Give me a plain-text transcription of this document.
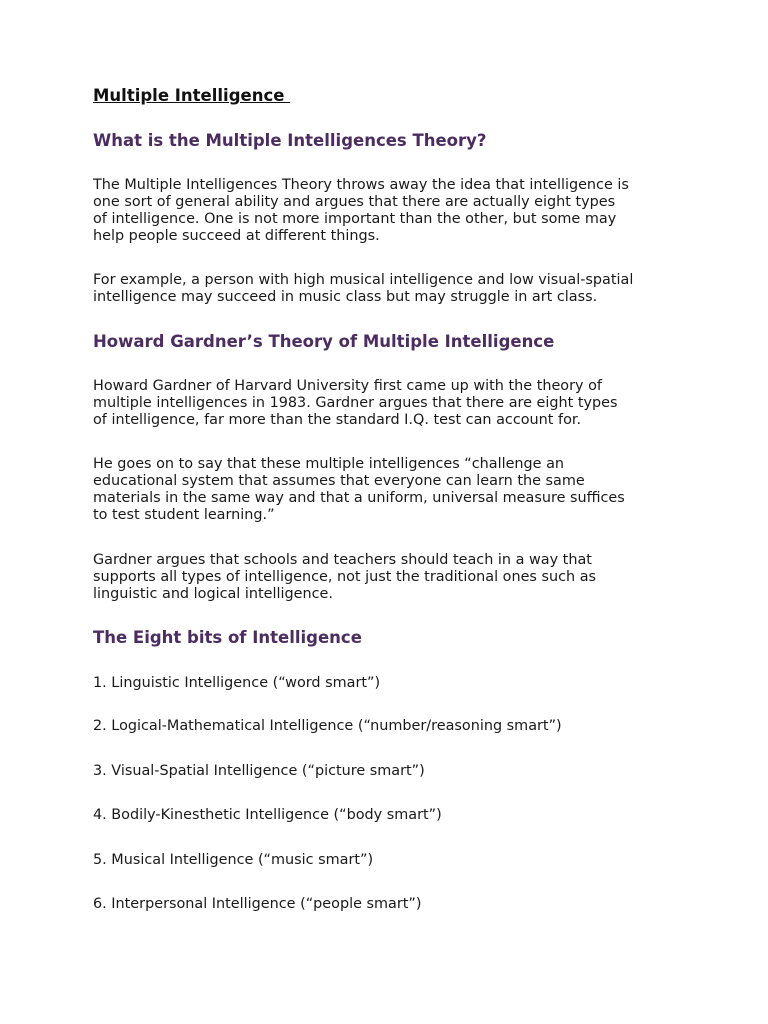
Multiple Intelligence
What is the Multiple Intelligences Theory?

The Multiple Intelligences Theory throws away the idea that intelligence is
one sort of general ability and argues that there are actually eight types
of intelligence. One is not more important than the other, but some may
help people succeed at different things.

For example, a person with high musical intelligence and low visual-spatial
intelligence may succeed in music class but may struggle in art class.

Howard Gardner’s Theory of Multiple Intelligence

Howard Gardner of Harvard University first came up with the theory of
multiple intelligences in 1983. Gardner argues that there are eight types
of intelligence, far more than the standard I.Q. test can account for.

He goes on to say that these multiple intelligences “challenge an
educational system that assumes that everyone can learn the same
materials in the same way and that a uniform, universal measure suffices
to test student learning.”

Gardner argues that schools and teachers should teach in a way that
supports all types of intelligence, not just the traditional ones such as
linguistic and logical intelligence.

The Eight bits of Intelligence

1. Linguistic Intelligence (“word smart”)

2. Logical-Mathematical Intelligence (“number/reasoning smart”)

3. Visual-Spatial Intelligence (“picture smart”)

4. Bodily-Kinesthetic Intelligence (“body smart”)

5. Musical Intelligence (“music smart”)

6. Interpersonal Intelligence (“people smart”)
